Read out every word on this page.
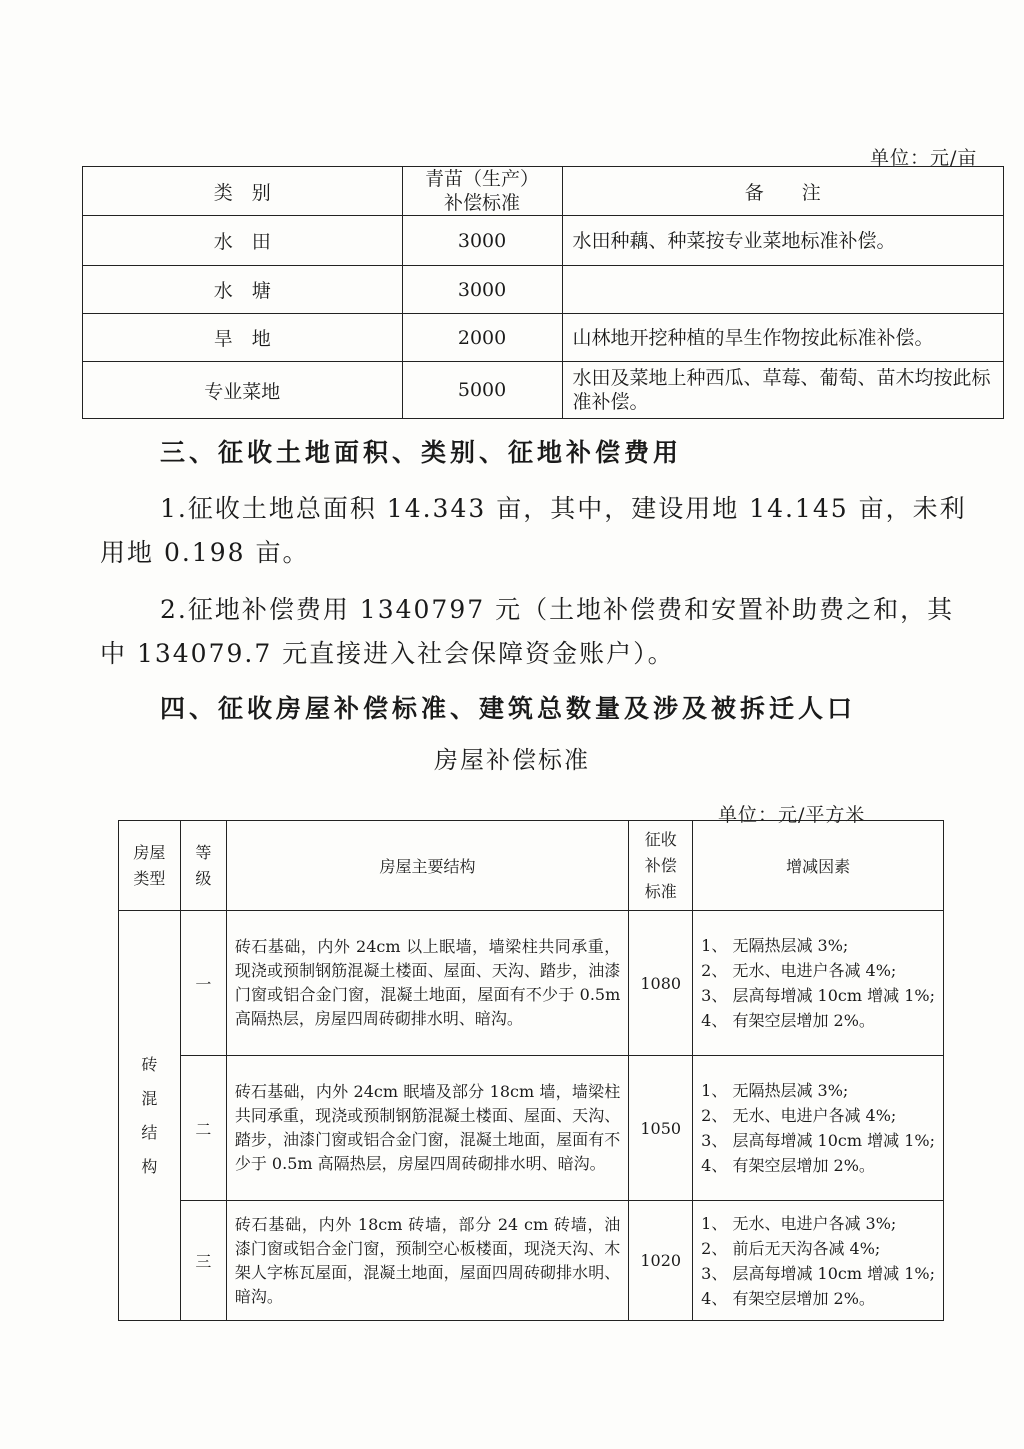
单位：元/亩
类　别	青苗（生产）补偿标准	备　　注
水　田	3000	水田种藕、种菜按专业菜地标准补偿。
水　塘	3000	
旱　地	2000	山林地开挖种植的旱生作物按此标准补偿。
专业菜地	5000	水田及菜地上种西瓜、草莓、葡萄、苗木均按此标准补偿。
三、征收土地面积、类别、征地补偿费用
1.征收土地总面积 14.343 亩，其中，建设用地 14.145 亩，未利用地 0.198 亩。
2.征地补偿费用 1340797 元（土地补偿费和安置补助费之和，其中 134079.7 元直接进入社会保障资金账户）。
四、征收房屋补偿标准、建筑总数量及涉及被拆迁人口
房屋补偿标准
单位：元/平方米
房屋类型	等级	房屋主要结构	征收补偿标准	增减因素
砖混结构	一	砖石基础，内外 24cm 以上眠墙，墙梁柱共同承重，现浇或预制钢筋混凝土楼面、屋面、天沟、踏步，油漆门窗或铝合金门窗，混凝土地面，屋面有不少于 0.5m 高隔热层，房屋四周砖砌排水明、暗沟。	1080	1、 无隔热层减 3%;
2、 无水、电进户各减 4%;
3、 层高每增减 10cm 增减 1%;
4、 有架空层增加 2%。
	二	砖石基础，内外 24cm 眠墙及部分 18cm 墙，墙梁柱共同承重，现浇或预制钢筋混凝土楼面、屋面、天沟、踏步，油漆门窗或铝合金门窗，混凝土地面，屋面有不少于 0.5m 高隔热层，房屋四周砖砌排水明、暗沟。	1050	1、 无隔热层减 3%;
2、 无水、电进户各减 4%;
3、 层高每增减 10cm 增减 1%;
4、 有架空层增加 2%。
	三	砖石基础，内外 18cm 砖墙，部分 24 cm 砖墙，油漆门窗或铝合金门窗，预制空心板楼面，现浇天沟、木架人字栋瓦屋面，混凝土地面，屋面四周砖砌排水明、暗沟。	1020	1、 无水、电进户各减 3%;
2、 前后无天沟各减 4%;
3、 层高每增减 10cm 增减 1%;
4、 有架空层增加 2%。
